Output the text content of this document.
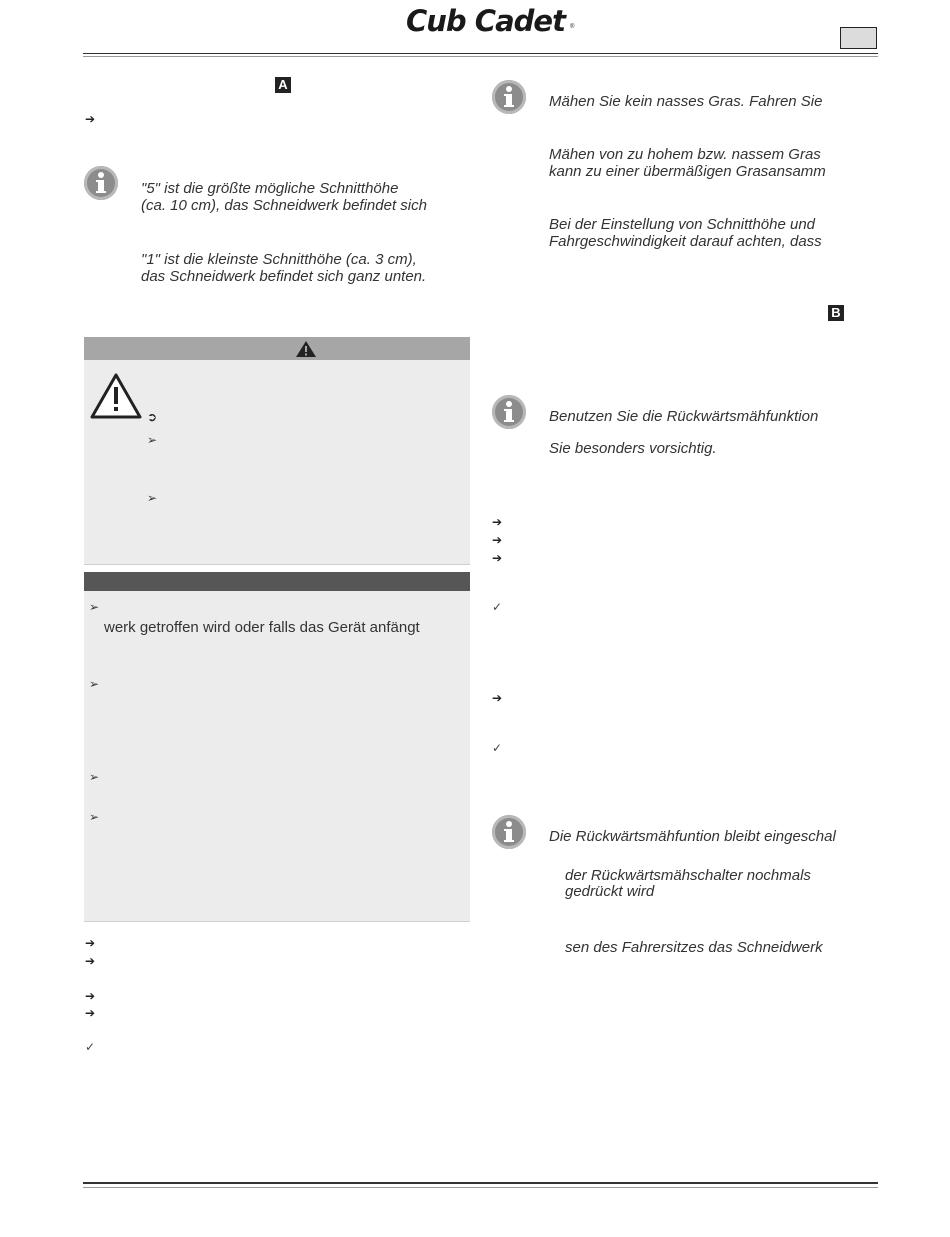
Cub Cadet ®
A
➔
"5" ist die größte mögliche Schnitthöhe
(ca. 10 cm), das Schneidwerk befindet sich
"1" ist die kleinste Schnitthöhe (ca. 3 cm),
das Schneidwerk befindet sich ganz unten.
➲
➢
➢
➢
werk getroffen wird oder falls das Gerät anfängt
➢
➢
➢
➔
➔
➔
➔
✓
Mähen Sie kein nasses Gras. Fahren Sie
Mähen von zu hohem bzw. nassem Gras
kann zu einer übermäßigen Grasansamm
Bei der Einstellung von Schnitthöhe und
Fahrgeschwindigkeit darauf achten, dass
B
Benutzen Sie die Rückwärtsmähfunktion
Sie besonders vorsichtig.
➔
➔
➔
✓
➔
✓
Die Rückwärtsmähfuntion bleibt eingeschal
der Rückwärtsmähschalter nochmals
gedrückt wird
sen des Fahrersitzes das Schneidwerk
